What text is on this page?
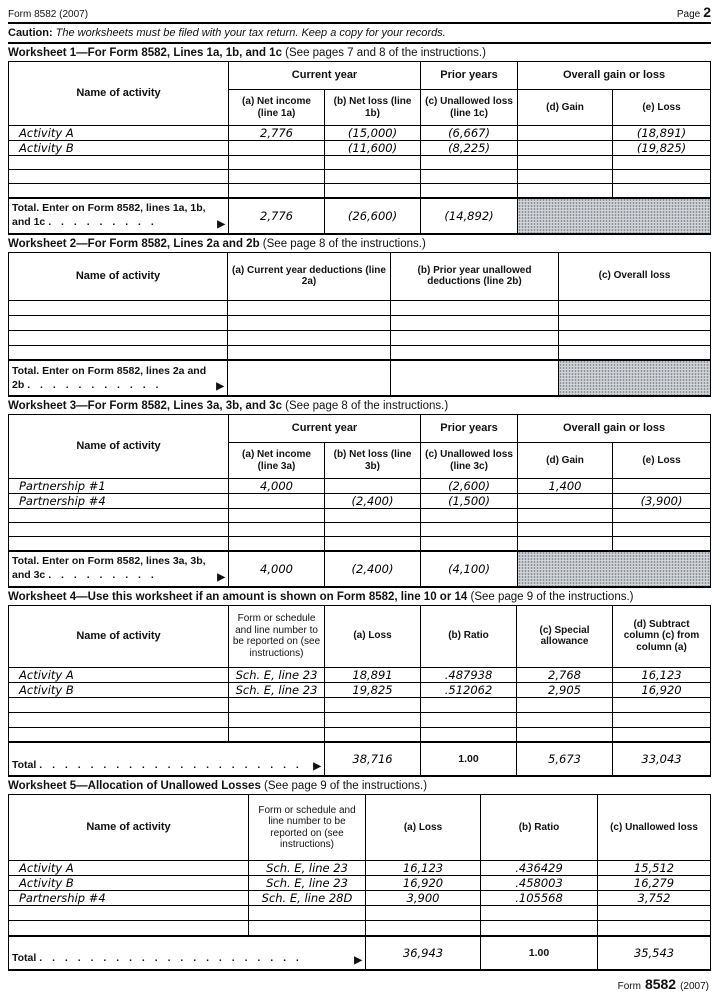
Form 8582 (2007)	Page 2
Caution: The worksheets must be filed with your tax return. Keep a copy for your records.
Worksheet 1—For Form 8582, Lines 1a, 1b, and 1c (See pages 7 and 8 of the instructions.)
Name of activity	Current year		Prior years	Overall gain or loss	
	(a) Net income (line 1a)	(b) Net loss (line 1b)	(c) Unallowed loss (line 1c)	(d) Gain	(e) Loss
Activity A	2,776	(15,000)	(6,667)		(18,891)
Activity B		(11,600)	(8,225)		(19,825)

Total. Enter on Form 8582, lines 1a, 1b, and 1c . . . . . . . . . ▶	2,776	(26,600)	(14,892)		
Worksheet 2—For Form 8582, Lines 2a and 2b (See page 8 of the instructions.)
Name of activity	(a) Current year deductions (line 2a)	(b) Prior year unallowed deductions (line 2b)	(c) Overall loss

Total. Enter on Form 8582, lines 2a and 2b . . . . . . . . . . . ▶			

Worksheet 3—For Form 8582, Lines 3a, 3b, and 3c (See page 8 of the instructions.)
Name of activity	Current year		Prior years	Overall gain or loss	
	(a) Net income (line 3a)	(b) Net loss (line 3b)	(c) Unallowed loss (line 3c)	(d) Gain	(e) Loss
Partnership #1	4,000		(2,600)	1,400	
Partnership #4		(2,400)	(1,500)		(3,900)

Total. Enter on Form 8582, lines 3a, 3b, and 3c . . . . . . . . . ▶	4,000	(2,400)	(4,100)		
Worksheet 4—Use this worksheet if an amount is shown on Form 8582, line 10 or 14 (See page 9 of the instructions.)
Name of activity	Form or schedule and line number to be reported on (see instructions)	(a) Loss	(b) Ratio	(c) Special allowance	(d) Subtract column (c) from column (a)
Activity A	Sch. E, line 23	18,891	.487938	2,768	16,123
Activity B	Sch. E, line 23	19,825	.512062	2,905	16,920

Total . . . . . . . . . . . . . . . . . . . . . ▶		38,716	1.00	5,673	33,043
Worksheet 5—Allocation of Unallowed Losses (See page 9 of the instructions.)
Name of activity	Form or schedule and line number to be reported on (see instructions)	(a) Loss	(b) Ratio	(c) Unallowed loss
Activity A	Sch. E, line 23	16,123	.436429	15,512
Activity B	Sch. E, line 23	16,920	.458003	16,279
Partnership #4	Sch. E, line 28D	3,900	.105568	3,752

Total . . . . . . . . . . . . . . . . . . . . . ▶		36,943	1.00	35,543
Form 8582 (2007)
